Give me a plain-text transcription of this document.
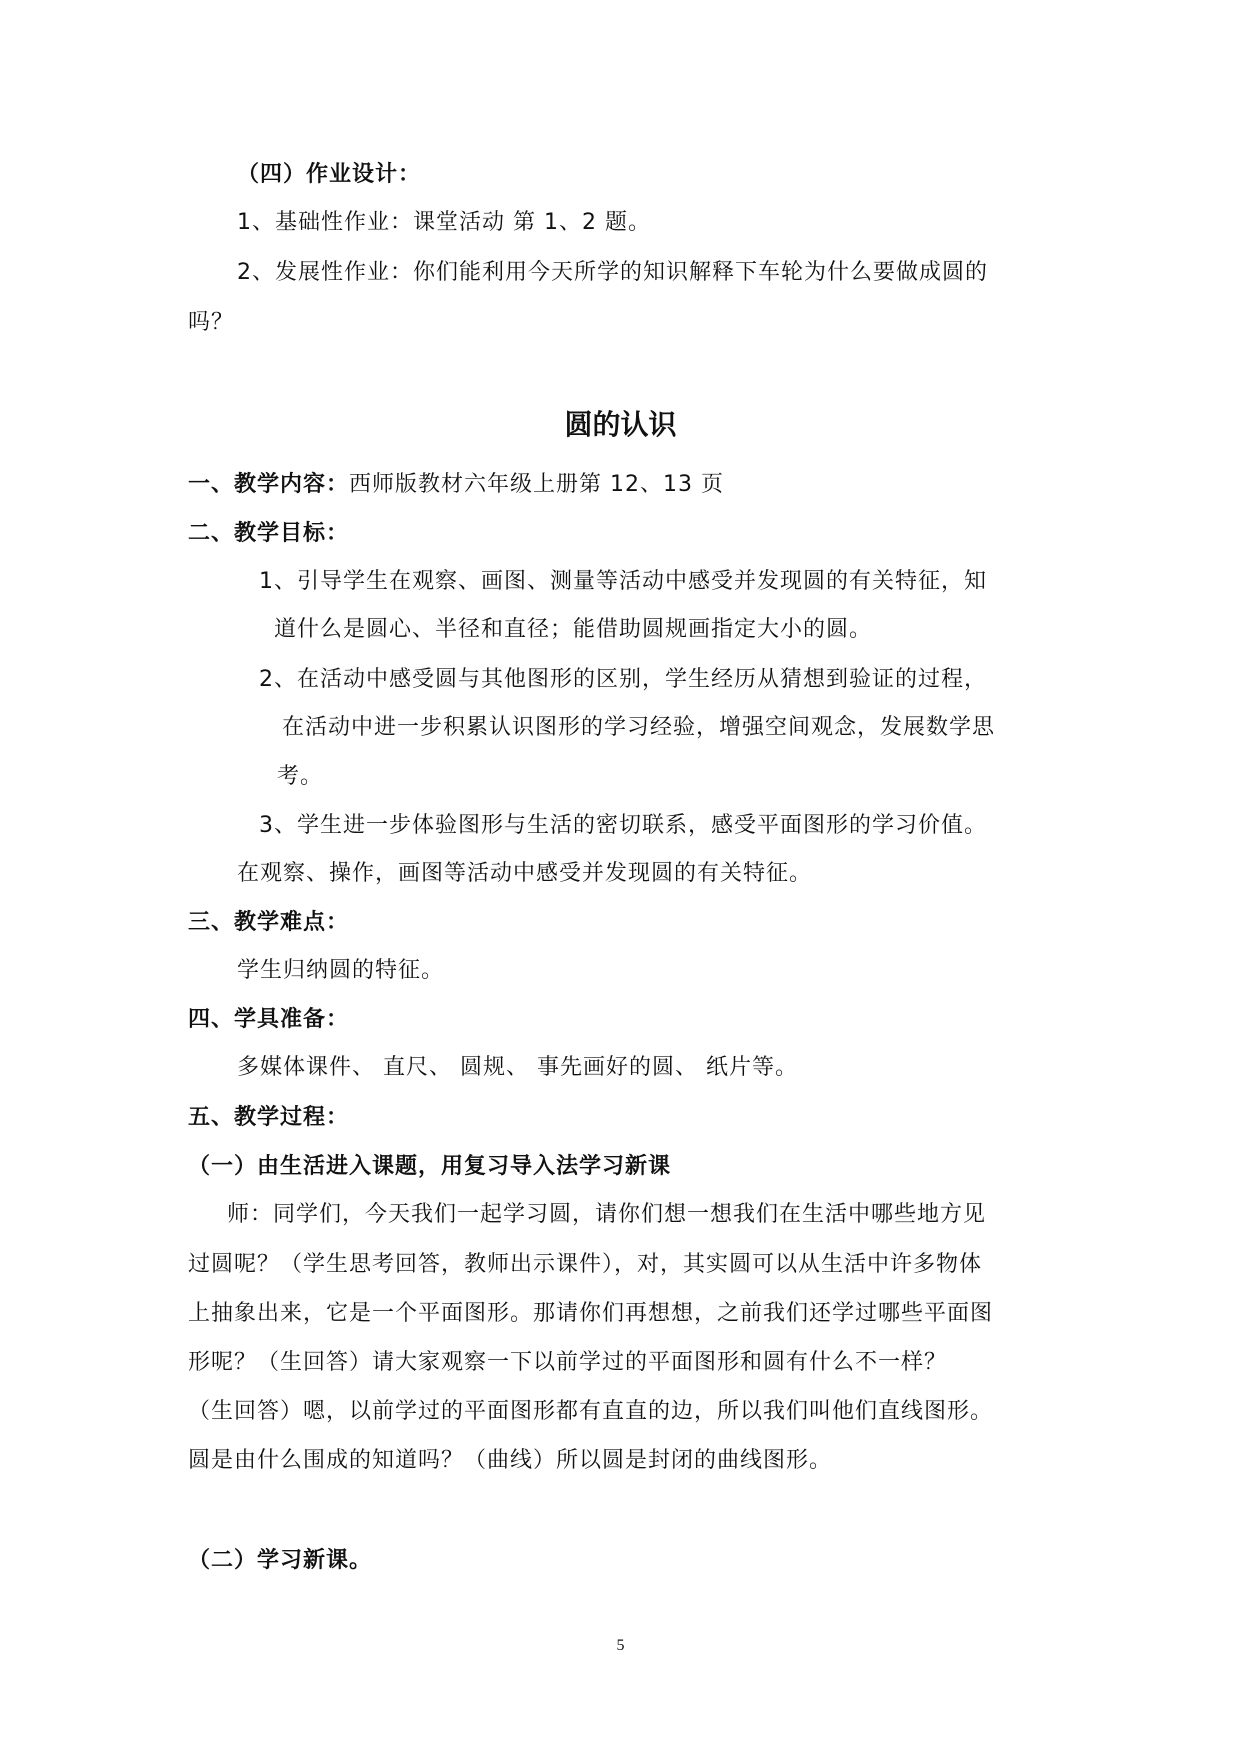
（四）作业设计：
1、基础性作业：课堂活动 第 1、2 题。
2、发展性作业：你们能利用今天所学的知识解释下车轮为什么要做成圆的
吗？
圆的认识
一、教学内容：西师版教材六年级上册第 12、13 页
二、教学目标：
1、引导学生在观察、画图、测量等活动中感受并发现圆的有关特征，知
道什么是圆心、半径和直径；能借助圆规画指定大小的圆。
2、在活动中感受圆与其他图形的区别，学生经历从猜想到验证的过程，
在活动中进一步积累认识图形的学习经验，增强空间观念，发展数学思
考。
3、学生进一步体验图形与生活的密切联系，感受平面图形的学习价值。
在观察、操作，画图等活动中感受并发现圆的有关特征。
三、教学难点：
学生归纳圆的特征。
四、学具准备：
多媒体课件、 直尺、 圆规、 事先画好的圆、 纸片等。
五、教学过程：
（一）由生活进入课题，用复习导入法学习新课
师：同学们，今天我们一起学习圆，请你们想一想我们在生活中哪些地方见
过圆呢？（学生思考回答，教师出示课件），对，其实圆可以从生活中许多物体
上抽象出来，它是一个平面图形。那请你们再想想，之前我们还学过哪些平面图
形呢？（生回答）请大家观察一下以前学过的平面图形和圆有什么不一样？
（生回答）嗯，以前学过的平面图形都有直直的边，所以我们叫他们直线图形。
圆是由什么围成的知道吗？（曲线）所以圆是封闭的曲线图形。
（二）学习新课。
5
